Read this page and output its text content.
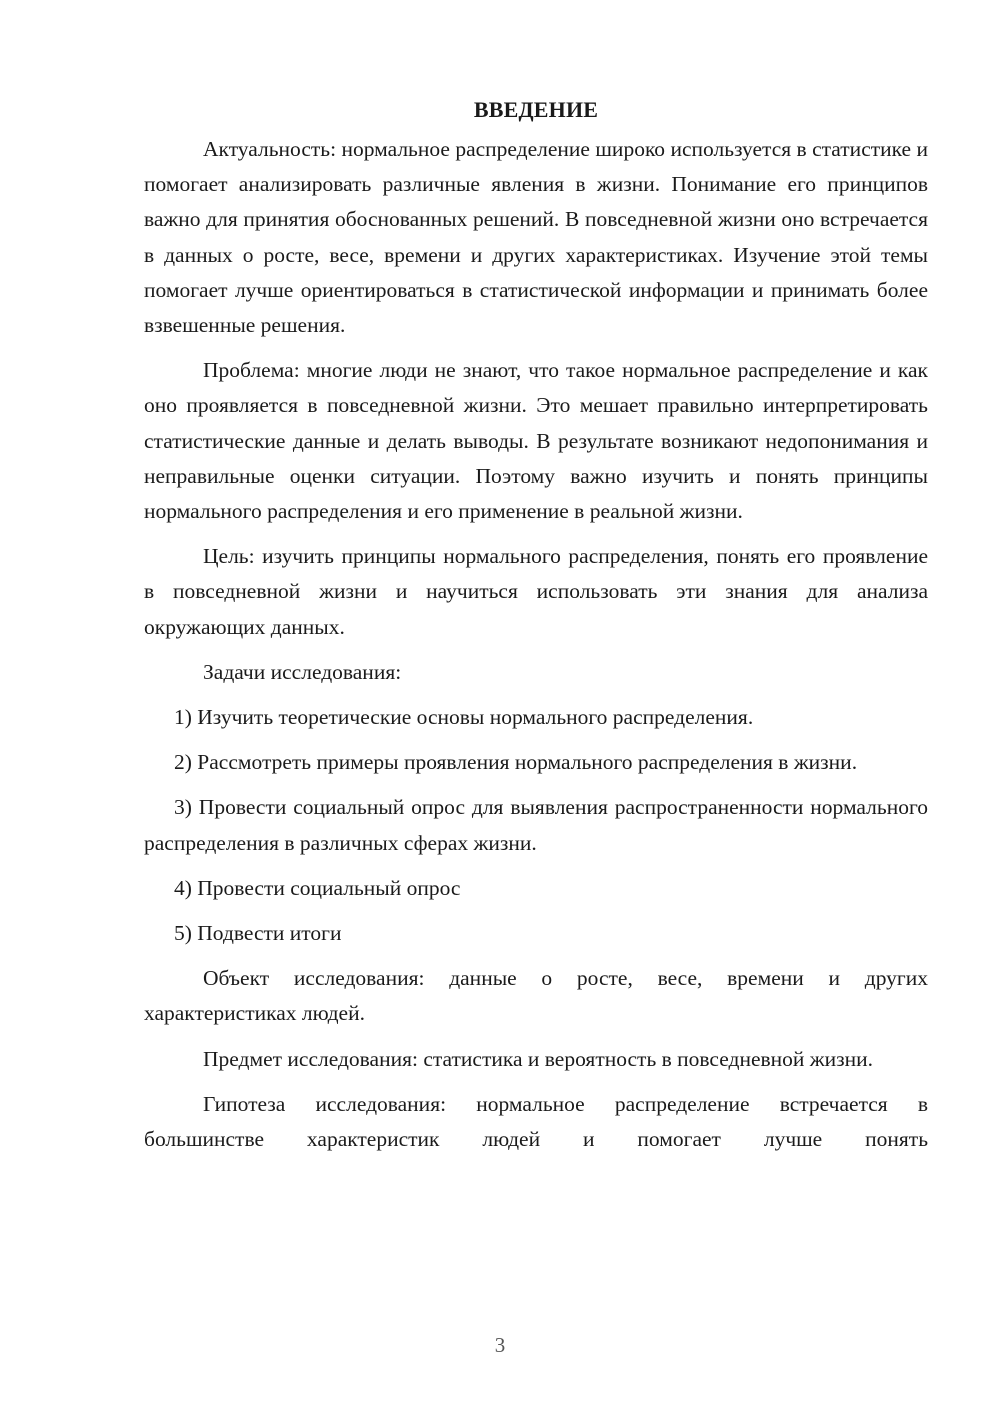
ВВЕДЕНИЕ

Актуальность: нормальное распределение широко используется в статистике и помогает анализировать различные явления в жизни. Понимание его принципов важно для принятия обоснованных решений. В повседневной жизни оно встречается в данных о росте, весе, времени и других характеристиках. Изучение этой темы помогает лучше ориентироваться в статистической информации и принимать более взвешенные решения.

Проблема: многие люди не знают, что такое нормальное распределение и как оно проявляется в повседневной жизни. Это мешает правильно интерпретировать статистические данные и делать выводы. В результате возникают недопонимания и неправильные оценки ситуации. Поэтому важно изучить и понять принципы нормального распределения и его применение в реальной жизни.

Цель: изучить принципы нормального распределения, понять его проявление в повседневной жизни и научиться использовать эти знания для анализа окружающих данных.

Задачи исследования:

1) Изучить теоретические основы нормального распределения.

2) Рассмотреть примеры проявления нормального распределения в жизни.

3) Провести социальный опрос для выявления распространенности нормального распределения в различных сферах жизни.

4) Провести социальный опрос

5) Подвести итоги

Объект исследования: данные о росте, весе, времени и других характеристиках людей.

Предмет исследования: статистика и вероятность в повседневной жизни.

Гипотеза исследования: нормальное распределение встречается в большинстве характеристик людей и помогает лучше понять

3
